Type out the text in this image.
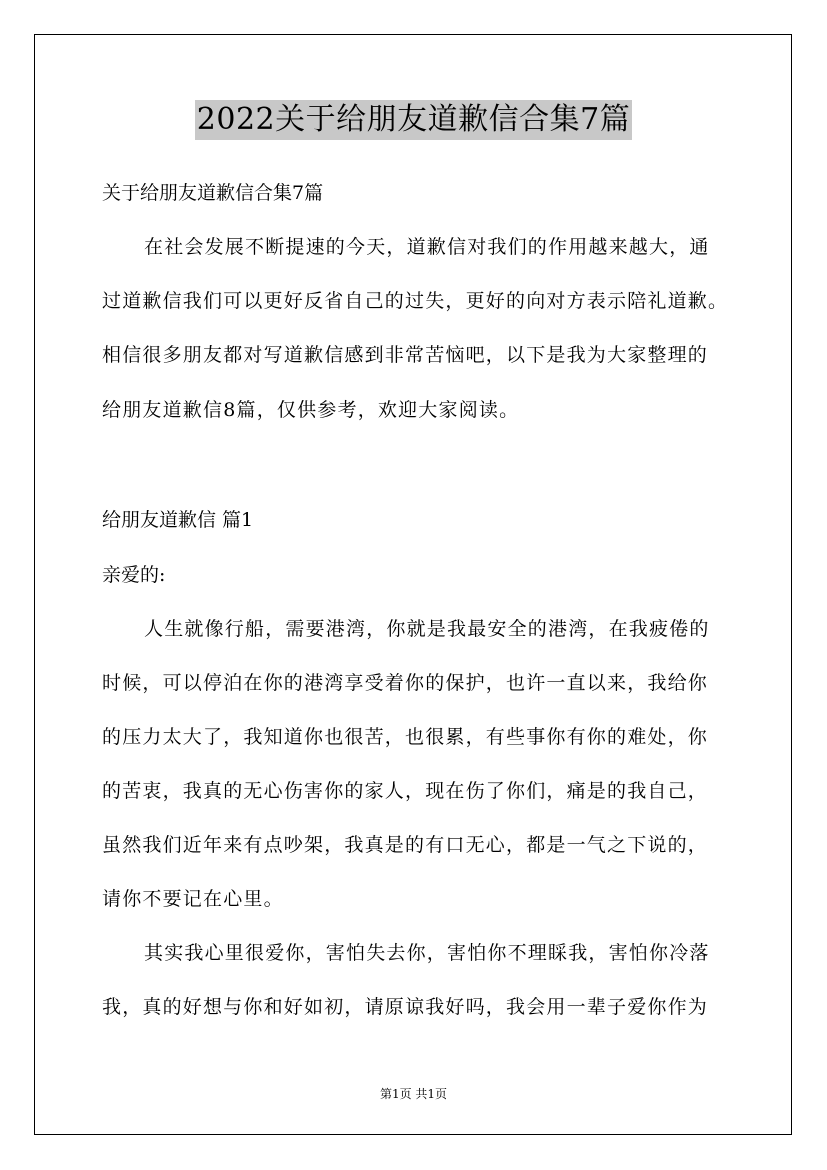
2022关于给朋友道歉信合集7篇
关于给朋友道歉信合集7篇
在社会发展不断提速的今天，道歉信对我们的作用越来越大，通
过道歉信我们可以更好反省自己的过失，更好的向对方表示陪礼道歉。
相信很多朋友都对写道歉信感到非常苦恼吧，以下是我为大家整理的
给朋友道歉信8篇，仅供参考，欢迎大家阅读。
给朋友道歉信 篇1
亲爱的:
人生就像行船，需要港湾，你就是我最安全的港湾，在我疲倦的
时候，可以停泊在你的港湾享受着你的保护，也许一直以来，我给你
的压力太大了，我知道你也很苦，也很累，有些事你有你的难处，你
的苦衷，我真的无心伤害你的家人，现在伤了你们，痛是的我自己，
虽然我们近年来有点吵架，我真是的有口无心，都是一气之下说的，
请你不要记在心里。
其实我心里很爱你，害怕失去你，害怕你不理睬我，害怕你冷落
我，真的好想与你和好如初，请原谅我好吗，我会用一辈子爱你作为
第1页 共1页
